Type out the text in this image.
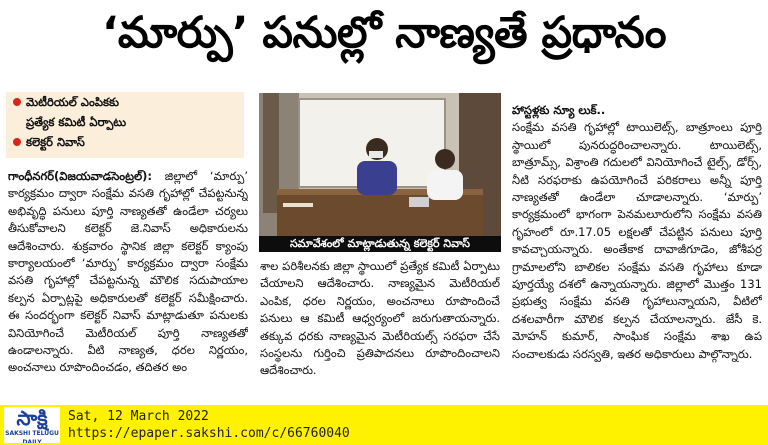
‘మార్పు’ పనుల్లో నాణ్యతే ప్రధానం
మెటీరియల్ ఎంపికకు
ప్రత్యేక కమిటీ ఏర్పాటు
కలెక్టర్ నివాస్
గాంధీనగర్(విజయవాడసెంట్రల్): జిల్లాలో ‘మార్పు’ కార్యక్రమం ద్వారా సంక్షేమ వసతి గృహాల్లో చేపట్టనున్న అభివృద్ధి పనులు పూర్తి నాణ్యతతో ఉండేలా చర్యలు తీసుకోవాలని కలెక్టర్ జె.నివాస్ అధికారులను ఆదేశించారు. శుక్రవారం స్థానిక జిల్లా కలెక్టర్ క్యాంపు కార్యాలయంలో ‘మార్పు’ కార్యక్రమం ద్వారా సంక్షేమ వసతి గృహాల్లో చేపట్టనున్న మౌలిక సదుపాయాల కల్పన ఏర్పాట్లపై అధికారులతో కలెక్టర్ సమీక్షించారు. ఈ సందర్భంగా కలెక్టర్ నివాస్ మాట్లాడుతూ పనులకు వినియోగించే మెటీరియల్ పూర్తి నాణ్యతతో ఉండాలన్నారు. వీటి నాణ్యత, ధరల నిర్ణయం, అంచనాలు రూపొందించడం, తదితర అం
సమావేశంలో మాట్లాడుతున్న కలెక్టర్ నివాస్
శాల పరిశీలనకు జిల్లా స్థాయిలో ప్రత్యేక కమిటీ ఏర్పాటు చేయాలని ఆదేశించారు. నాణ్యమైన మెటీరియల్ ఎంపిక, ధరల నిర్ణయం, అంచనాలు రూపొందించే పనులు ఆ కమిటీ ఆధ్వర్యంలో జరుగుతాయన్నారు. తక్కువ ధరకు నాణ్యమైన మెటీరియల్స్ సరఫరా చేసే సంస్థలను గుర్తించి ప్రతిపాదనలు రూపొందించాలని ఆదేశించారు.
హాస్టళ్లకు న్యూ లుక్..
సంక్షేమ వసతి గృహాల్లో టాయిలెట్స్, బాత్రూంలు పూర్తి స్థాయిలో పునరుద్ధరించాలన్నారు. టాయిలెట్స్, బాత్రూమ్స్, విశ్రాంతి గదులలో వినియోగించే టైల్స్, డోర్స్, నీటి సరఫరాకు ఉపయోగించే పరికరాలు అన్నీ పూర్తి నాణ్యతతో ఉండేలా చూడాలన్నారు. ‘మార్పు’ కార్యక్రమంలో భాగంగా పెనమలూరులోని సంక్షేమ వసతి గృహంలో రూ.17.05 లక్షలతో చేపట్టిన పనులు పూర్తి కావచ్చాయన్నారు. అంతేకాక దావాజీగూడెం, జోశీపర్ర గ్రామాలలోని బాలికల సంక్షేమ వసతి గృహాలు కూడా పూర్తయ్యే దశలో ఉన్నాయన్నారు. జిల్లాలో మొత్తం 131 ప్రభుత్వ సంక్షేమ వసతి గృహాలున్నాయని, వీటిలో దశలవారీగా మౌలిక కల్పన చేయాలన్నారు. జేసీ కె. మోహన్ కుమార్, సాంఘిక సంక్షేమ శాఖ ఉప సంచాలకుడు సరస్వతి, ఇతర అధికారులు పాల్గొన్నారు.
సాక్షి
SAKSHI TELUGU DAILY
Sat, 12 March 2022
https://epaper.sakshi.com/c/66760040
